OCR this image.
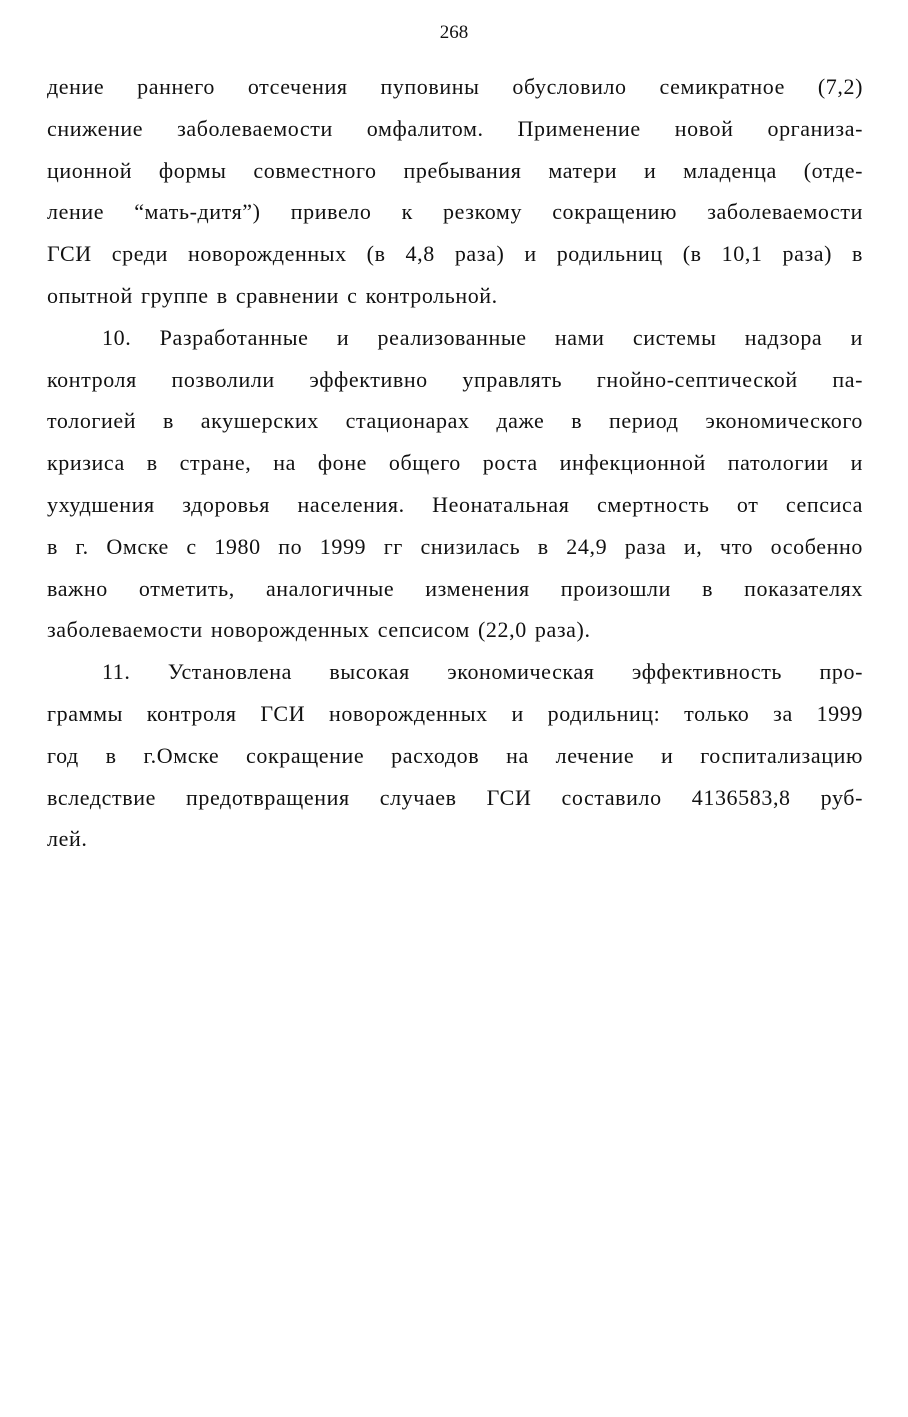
268
дение раннего отсечения пуповины обусловило семикратное (7,2)
снижение заболеваемости омфалитом. Применение новой организа-
ционной формы совместного пребывания матери и младенца (отде-
ление “мать-дитя”) привело к резкому сокращению заболеваемости
ГСИ среди новорожденных (в 4,8 раза) и родильниц (в 10,1 раза) в
опытной группе в сравнении с контрольной.
10. Разработанные и реализованные нами системы надзора и
контроля позволили эффективно управлять гнойно-септической па-
тологией в акушерских стационарах даже в период экономического
кризиса в стране, на фоне общего роста инфекционной патологии и
ухудшения здоровья населения. Неонатальная смертность от сепсиса
в г. Омске с 1980 по 1999 гг снизилась в 24,9 раза и, что особенно
важно отметить, аналогичные изменения произошли в показателях
заболеваемости новорожденных сепсисом (22,0 раза).
11. Установлена высокая экономическая эффективность про-
граммы контроля ГСИ новорожденных и родильниц: только за 1999
год в г.Омске сокращение расходов на лечение и госпитализацию
вследствие предотвращения случаев ГСИ составило 4136583,8 руб-
лей.
